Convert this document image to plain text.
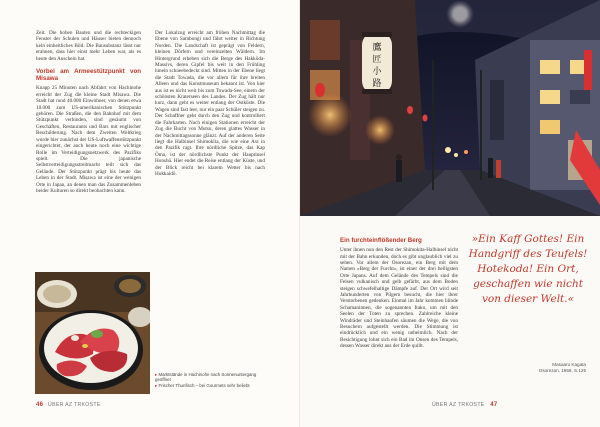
Zeit. Die hohen Bauten und die rechteckigen Fenster der Schulen und Häuser bieten dennoch kein einheitliches Bild. Die Bausubstanz lässt nur erahnen, dass hier einst mehr Leben war, als es heute den Anschein hat.

Vorbei am Armeestützpunkt von Misawa

Knapp 25 Minuten nach Abfahrt von Hachinohe erreicht der Zug die kleine Stadt Misawa. Die Stadt hat rund 40.000 Einwohner, von denen etwa 10.000 zum US-amerikanischen Stützpunkt gehören. Die Straßen, die den Bahnhof mit dem Stützpunkt verbinden, sind gesäumt von Geschäften, Restaurants und Bars mit englischer Beschilderung. Nach dem Zweiten Weltkrieg wurde hier zunächst der US-Luftwaffenstützpunkt eingerichtet, der auch heute noch eine wichtige Rolle im Verteidigungsnetzwerk des Pazifiks spielt. Die japanische Selbstverteidigungsstreitmacht teilt sich das Gelände. Der Stützpunkt prägt bis heute das Leben in der Stadt. Misawa ist eine der wenigen Orte in Japan, an denen man das Zusammenleben beider Kulturen so direkt beobachten kann.

Der Lokalzug erreicht am frühen Nachmittag die Ebene von Sambongi und fährt weiter in Richtung Norden. Die Landschaft ist geprägt von Feldern, kleinen Dörfern und vereinzelten Wäldern. Im Hintergrund erheben sich die Berge des Hakkōda-Massivs, deren Gipfel bis weit in den Frühling hinein schneebedeckt sind. Mitten in der Ebene liegt die Stadt Towada, die vor allem für ihre breiten Alleen und das Kunstmuseum bekannt ist. Von hier aus ist es nicht weit bis zum Towada-See, einem der schönsten Kraterseen des Landes. Der Zug hält nur kurz, dann geht es weiter entlang der Ostküste. Die Wagen sind fast leer, nur ein paar Schüler steigen zu. Der Schaffner geht durch den Zug und kontrolliert die Fahrkarten. Nach einigen Stationen erreicht der Zug die Bucht von Mutsu, deren glattes Wasser in der Nachmittagssonne glänzt. Auf der anderen Seite liegt die Halbinsel Shimokita, die wie eine Axt in den Pazifik ragt. Ihre nördliche Spitze, das Kap Ōma, ist der nördlichste Punkt der Hauptinsel Honshū. Hier endet die Reise entlang der Küste, und der Blick reicht bei klarem Wetter bis nach Hokkaidō.

▸ Marktstände in Hachinohe nach Sonnenuntergang geöffnet
▸ Frischer Thunfisch – bei Gourmets sehr beliebt
46 ÜBER AZ TRKOSTE
鷹
匠
小
路
Ein furchteinflößender Berg

Unter ihnen nun den Rest der Shimokita-Halbinsel nicht mit der Bahn erkunden, doch es gibt unglaublich viel zu sehen. Vor allem der Osorezan, ein Berg mit dem Namen »Berg der Furcht«, ist einer der drei heiligsten Orte Japans. Auf dem Gelände des Tempels sind die Felsen vulkanisch und gelb gefärbt, aus dem Boden steigen schwefelhaltige Dämpfe auf. Der Ort wird seit Jahrhunderten von Pilgern besucht, die hier ihrer Verstorbenen gedenken. Einmal im Jahr kommen blinde Schamaninnen, die sogenannten Itako, um mit den Seelen der Toten zu sprechen. Zahlreiche kleine Windräder und Steinhaufen säumen die Wege, die von Besuchern aufgestellt werden. Die Stimmung ist eindrücklich und ein wenig unheimlich. Nach der Besichtigung lohnt sich ein Bad im Onsen des Tempels, dessen Wasser direkt aus der Erde quillt.

»Ein Kaff Gottes! Ein Handgriff des Teufels! Hotekoda! Ein Ort, geschaffen wie nicht von dieser Welt.«
Masaaru Kagata
Osorezan, 1959, S.125
ÜBER AZ TRKOSTE 47
